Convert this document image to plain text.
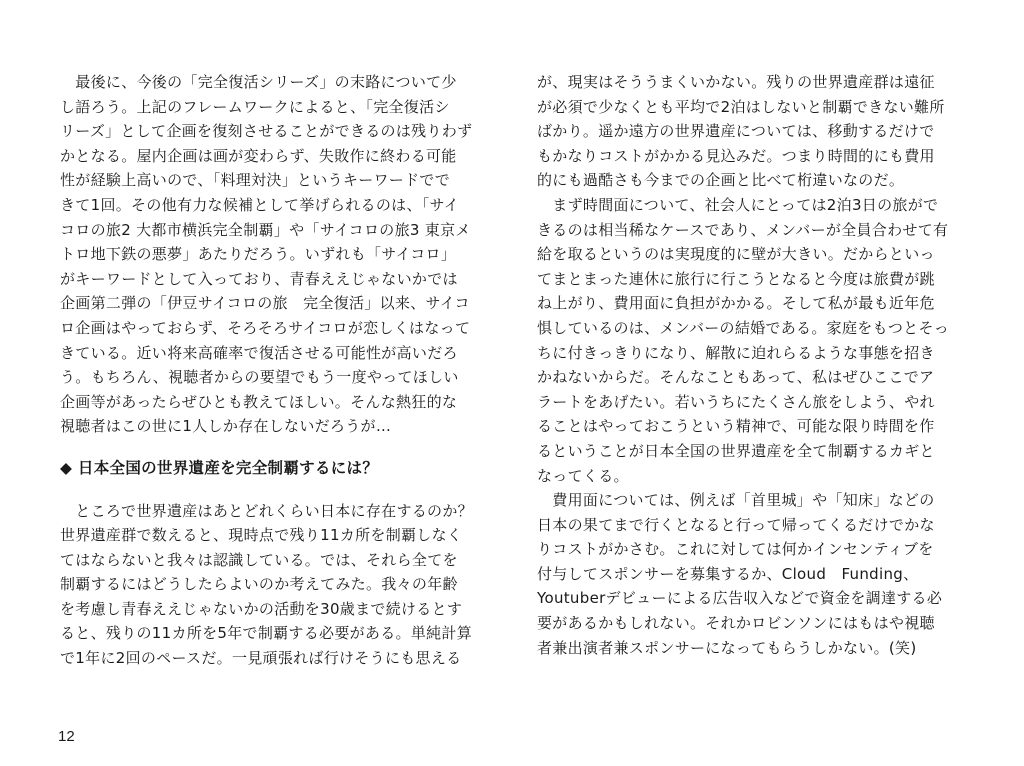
　最後に、今後の「完全復活シリーズ」の末路について少
し語ろう。上記のフレームワークによると、「完全復活シ
リーズ」として企画を復刻させることができるのは残りわず
かとなる。屋内企画は画が変わらず、失敗作に終わる可能
性が経験上高いので、「料理対決」というキーワードでで
きて1回。その他有力な候補として挙げられるのは、「サイ
コロの旅2 大都市横浜完全制覇」や「サイコロの旅3 東京メ
トロ地下鉄の悪夢」あたりだろう。いずれも「サイコロ」
がキーワードとして入っており、青春ええじゃないかでは
企画第二弾の「伊豆サイコロの旅　完全復活」以来、サイコ
ロ企画はやっておらず、そろそろサイコロが恋しくはなって
きている。近い将来高確率で復活させる可能性が高いだろ
う。もちろん、視聴者からの要望でもう一度やってほしい
企画等があったらぜひとも教えてほしい。そんな熱狂的な
視聴者はこの世に1人しか存在しないだろうが…
◆ 日本全国の世界遺産を完全制覇するには？
　ところで世界遺産はあとどれくらい日本に存在するのか？
世界遺産群で数えると、現時点で残り11カ所を制覇しなく
てはならないと我々は認識している。では、それら全てを
制覇するにはどうしたらよいのか考えてみた。我々の年齢
を考慮し青春ええじゃないかの活動を30歳まで続けるとす
ると、残りの11カ所を5年で制覇する必要がある。単純計算
で1年に2回のペースだ。一見頑張れば行けそうにも思える
が、現実はそううまくいかない。残りの世界遺産群は遠征
が必須で少なくとも平均で2泊はしないと制覇できない難所
ばかり。遥か遠方の世界遺産については、移動するだけで
もかなりコストがかかる見込みだ。つまり時間的にも費用
的にも過酷さも今までの企画と比べて桁違いなのだ。
　まず時間面について、社会人にとっては2泊3日の旅がで
きるのは相当稀なケースであり、メンバーが全員合わせて有
給を取るというのは実現度的に壁が大きい。だからといっ
てまとまった連休に旅行に行こうとなると今度は旅費が跳
ね上がり、費用面に負担がかかる。そして私が最も近年危
惧しているのは、メンバーの結婚である。家庭をもつとそっ
ちに付きっきりになり、解散に迫れらるような事態を招き
かねないからだ。そんなこともあって、私はぜひここでア
ラートをあげたい。若いうちにたくさん旅をしよう、やれ
ることはやっておこうという精神で、可能な限り時間を作
るということが日本全国の世界遺産を全て制覇するカギと
なってくる。
　費用面については、例えば「首里城」や「知床」などの
日本の果てまで行くとなると行って帰ってくるだけでかな
りコストがかさむ。これに対しては何かインセンティブを
付与してスポンサーを募集するか、Cloud　Funding、
Youtuberデビューによる広告収入などで資金を調達する必
要があるかもしれない。それかロビンソンにはもはや視聴
者兼出演者兼スポンサーになってもらうしかない。(笑)
12
